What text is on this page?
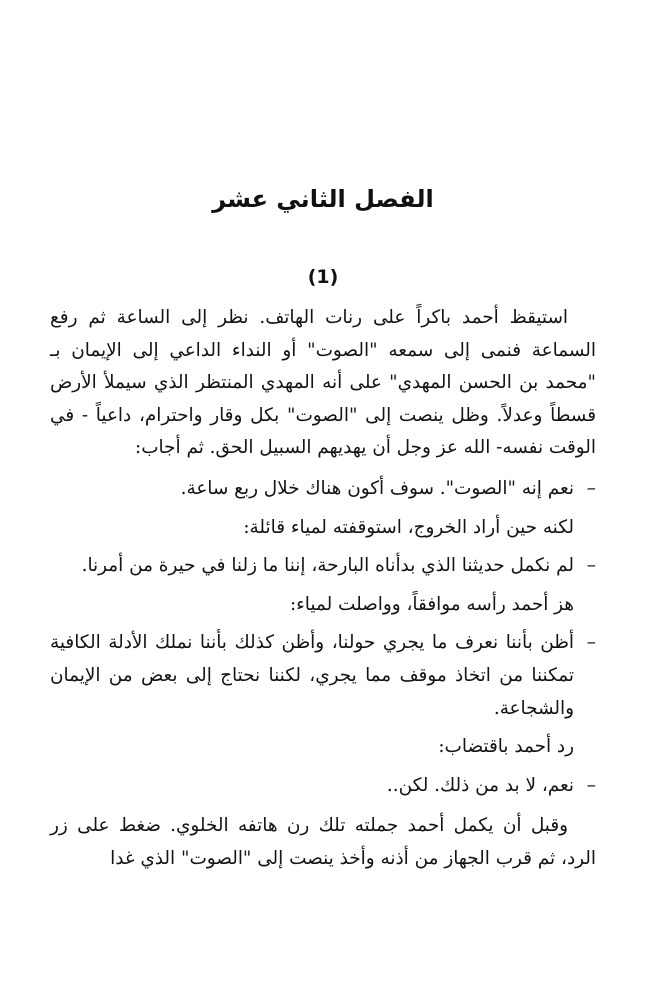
الفصل الثاني عشر
(1)

استيقظ أحمد باكراً على رنات الهاتف. نظر إلى الساعة ثم رفع السماعة فنمى إلى سمعه "الصوت" أو النداء الداعي إلى الإيمان بـ "محمد بن الحسن المهدي" على أنه المهدي المنتظر الذي سيملأ الأرض قسطاً وعدلاً. وظل ينصت إلى "الصوت" بكل وقار واحترام، داعياً - في الوقت نفسه- الله عز وجل أن يهديهم السبيل الحق. ثم أجاب:

–
نعم إنه "الصوت". سوف أكون هناك خلال ربع ساعة.

لكنه حين أراد الخروج، استوقفته لمياء قائلة:

–
لم نكمل حديثنا الذي بدأناه البارحة، إننا ما زلنا في حيرة من أمرنا.

هز أحمد رأسه موافقاً، وواصلت لمياء:

–
أظن بأننا نعرف ما يجري حولنا، وأظن كذلك بأننا نملك الأدلة الكافية تمكننا من اتخاذ موقف مما يجري، لكننا نحتاج إلى بعض من الإيمان والشجاعة.

رد أحمد باقتضاب:

–
نعم، لا بد من ذلك. لكن..

وقبل أن يكمل أحمد جملته تلك رن هاتفه الخلوي. ضغط على زر الرد، ثم قرب الجهاز من أذنه وأخذ ينصت إلى "الصوت" الذي غدا
